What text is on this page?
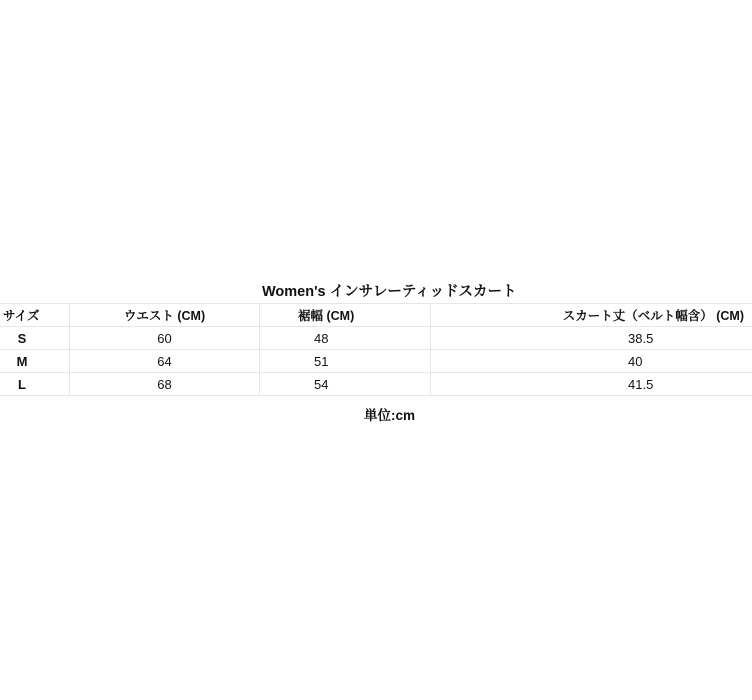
Women's インサレーティッドスカート
サイズ	ウエスト (CM)	裾幅 (CM)	スカート丈（ベルト幅含） (CM)
S	60	48	38.5
M	64	51	40
L	68	54	41.5
単位:cm
